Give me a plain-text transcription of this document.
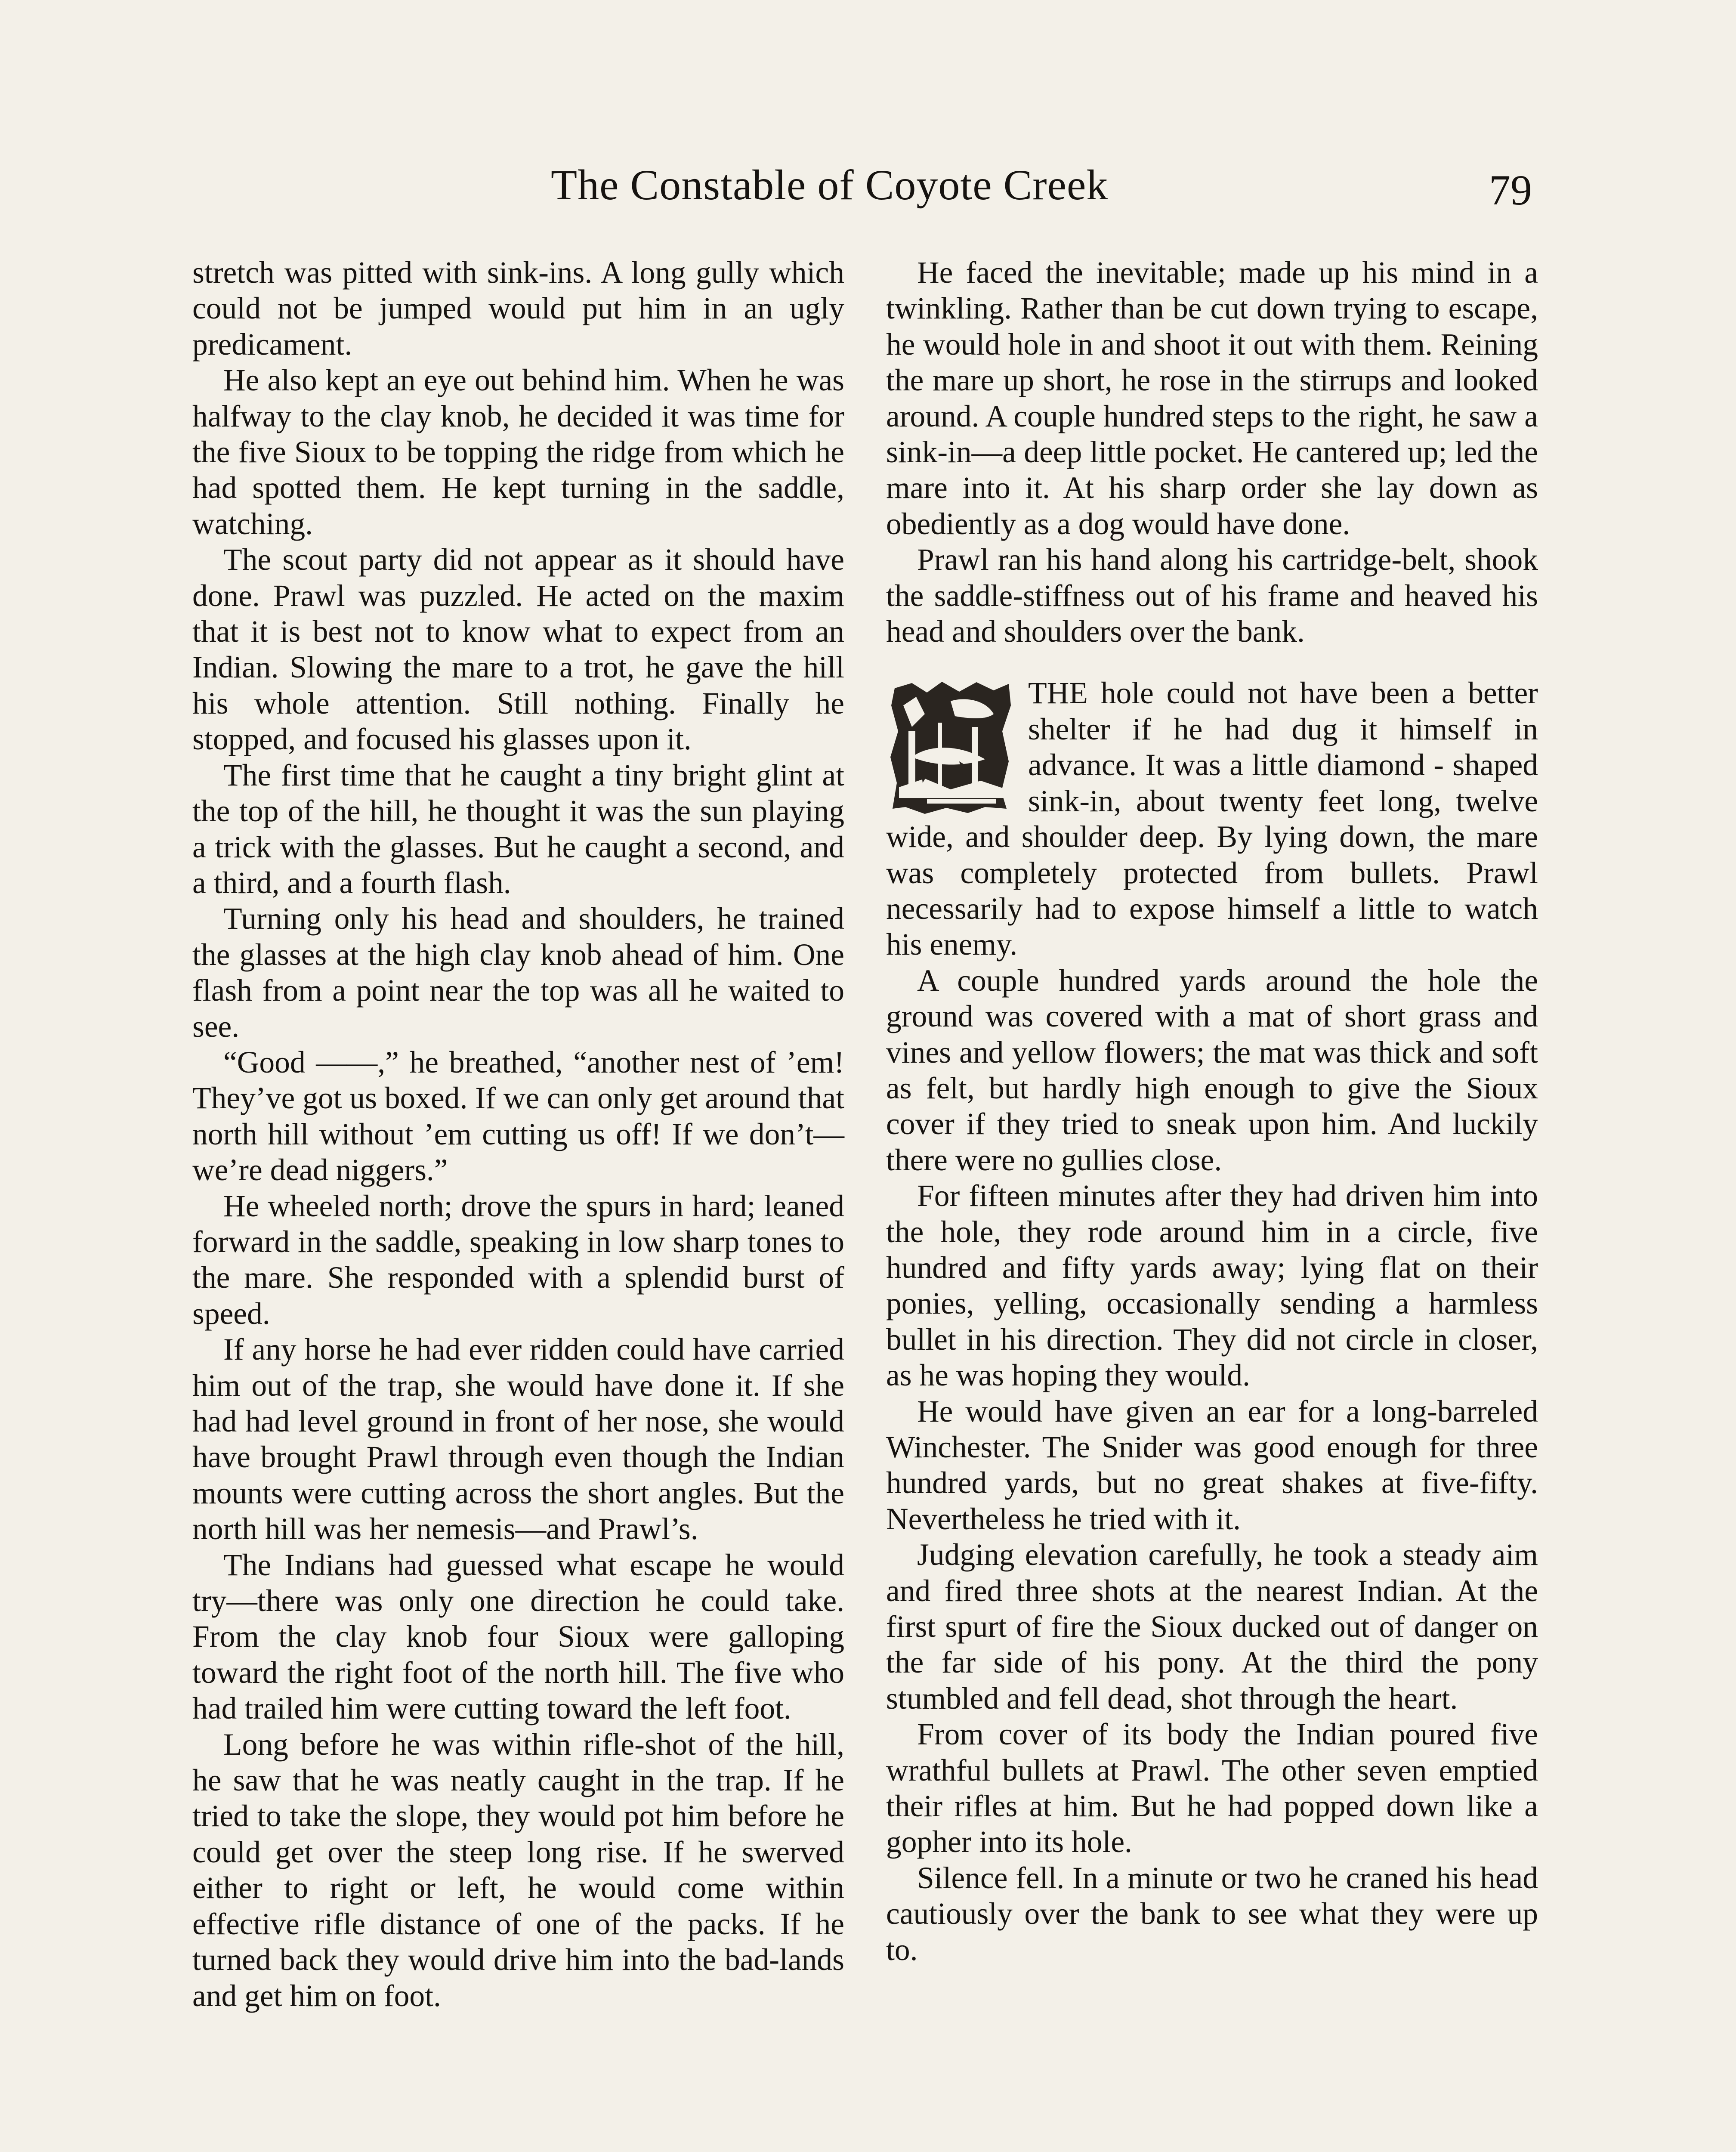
The Constable of Coyote Creek	79

stretch was pitted with sink-ins. A long gully which could not be jumped would put him in an ugly predicament.

He also kept an eye out behind him. When he was halfway to the clay knob, he decided it was time for the five Sioux to be topping the ridge from which he had spotted them. He kept turning in the saddle, watching.

The scout party did not appear as it should have done. Prawl was puzzled. He acted on the maxim that it is best not to know what to expect from an Indian. Slowing the mare to a trot, he gave the hill his whole attention. Still nothing. Finally he stopped, and focused his glasses upon it.

The first time that he caught a tiny bright glint at the top of the hill, he thought it was the sun playing a trick with the glasses. But he caught a second, and a third, and a fourth flash.

Turning only his head and shoulders, he trained the glasses at the high clay knob ahead of him. One flash from a point near the top was all he waited to see.

“Good ——,” he breathed, “another nest of ’em! They’ve got us boxed. If we can only get around that north hill without ’em cutting us off! If we don’t—we’re dead niggers.”

He wheeled north; drove the spurs in hard; leaned forward in the saddle, speaking in low sharp tones to the mare. She responded with a splendid burst of speed.

If any horse he had ever ridden could have carried him out of the trap, she would have done it. If she had had level ground in front of her nose, she would have brought Prawl through even though the Indian mounts were cutting across the short angles. But the north hill was her nemesis—and Prawl’s.

The Indians had guessed what escape he would try—there was only one direction he could take. From the clay knob four Sioux were galloping toward the right foot of the north hill. The five who had trailed him were cutting toward the left foot.

Long before he was within rifle-shot of the hill, he saw that he was neatly caught in the trap. If he tried to take the slope, they would pot him before he could get over the steep long rise. If he swerved either to right or left, he would come within effective rifle distance of one of the packs. If he turned back they would drive him into the bad-lands and get him on foot.

He faced the inevitable; made up his mind in a twinkling. Rather than be cut down trying to escape, he would hole in and shoot it out with them. Reining the mare up short, he rose in the stirrups and looked around. A couple hundred steps to the right, he saw a sink-in—a deep little pocket. He cantered up; led the mare into it. At his sharp order she lay down as obediently as a dog would have done.

Prawl ran his hand along his cartridge-belt, shook the saddle-stiffness out of his frame and heaved his head and shoulders over the bank.

THE hole could not have been a better shelter if he had dug it himself in advance. It was a little diamond - shaped sink-in, about twenty feet long, twelve wide, and shoulder deep. By lying down, the mare was completely protected from bullets. Prawl necessarily had to expose himself a little to watch his enemy.

A couple hundred yards around the hole the ground was covered with a mat of short grass and vines and yellow flowers; the mat was thick and soft as felt, but hardly high enough to give the Sioux cover if they tried to sneak upon him. And luckily there were no gullies close.

For fifteen minutes after they had driven him into the hole, they rode around him in a circle, five hundred and fifty yards away; lying flat on their ponies, yelling, occasionally sending a harmless bullet in his direction. They did not circle in closer, as he was hoping they would.

He would have given an ear for a long-barreled Winchester. The Snider was good enough for three hundred yards, but no great shakes at five-fifty. Nevertheless he tried with it.

Judging elevation carefully, he took a steady aim and fired three shots at the nearest Indian. At the first spurt of fire the Sioux ducked out of danger on the far side of his pony. At the third the pony stumbled and fell dead, shot through the heart.

From cover of its body the Indian poured five wrathful bullets at Prawl. The other seven emptied their rifles at him. But he had popped down like a gopher into its hole.

Silence fell. In a minute or two he craned his head cautiously over the bank to see what they were up to.
